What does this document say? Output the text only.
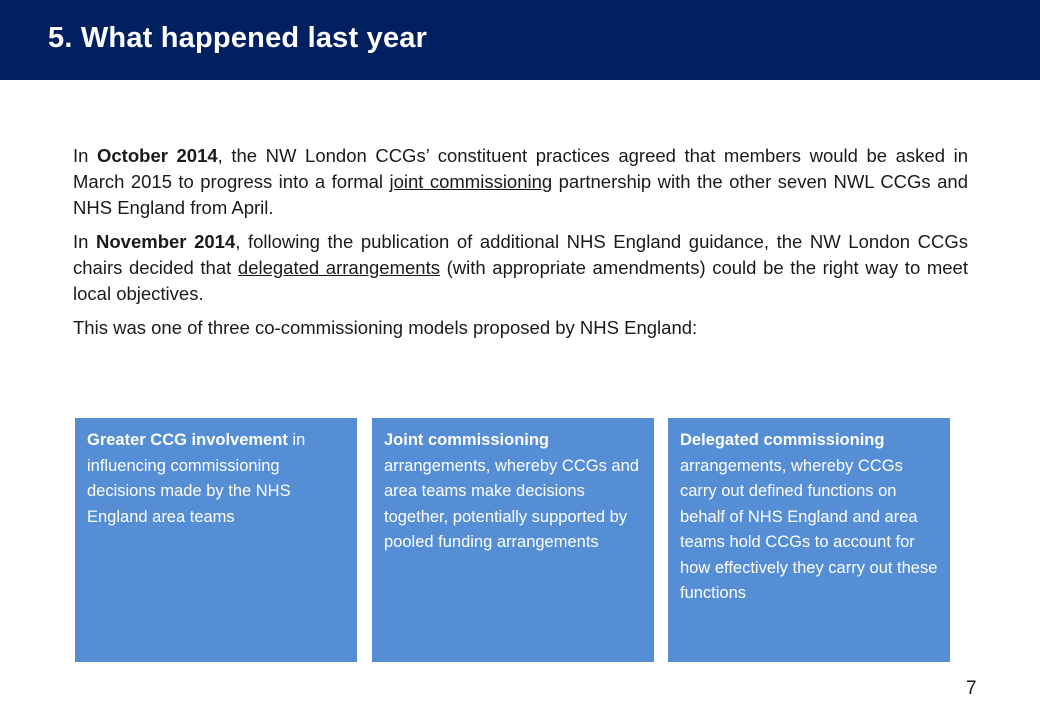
5. What happened last year

In October 2014, the NW London CCGs’ constituent practices agreed that members would be asked in March 2015 to progress into a formal joint commissioning partnership with the other seven NWL CCGs and NHS England from April.

In November 2014, following the publication of additional NHS England guidance, the NW London CCGs chairs decided that delegated arrangements (with appropriate amendments) could be the right way to meet local objectives.

This was one of three co-commissioning models proposed by NHS England:

Greater CCG involvement in influencing commissioning decisions made by the NHS England area teams
Joint commissioning arrangements, whereby CCGs and area teams make decisions together, potentially supported by pooled funding arrangements
Delegated commissioning arrangements, whereby CCGs carry out defined functions on behalf of NHS England and area teams hold CCGs to account for how effectively they carry out these functions
7
